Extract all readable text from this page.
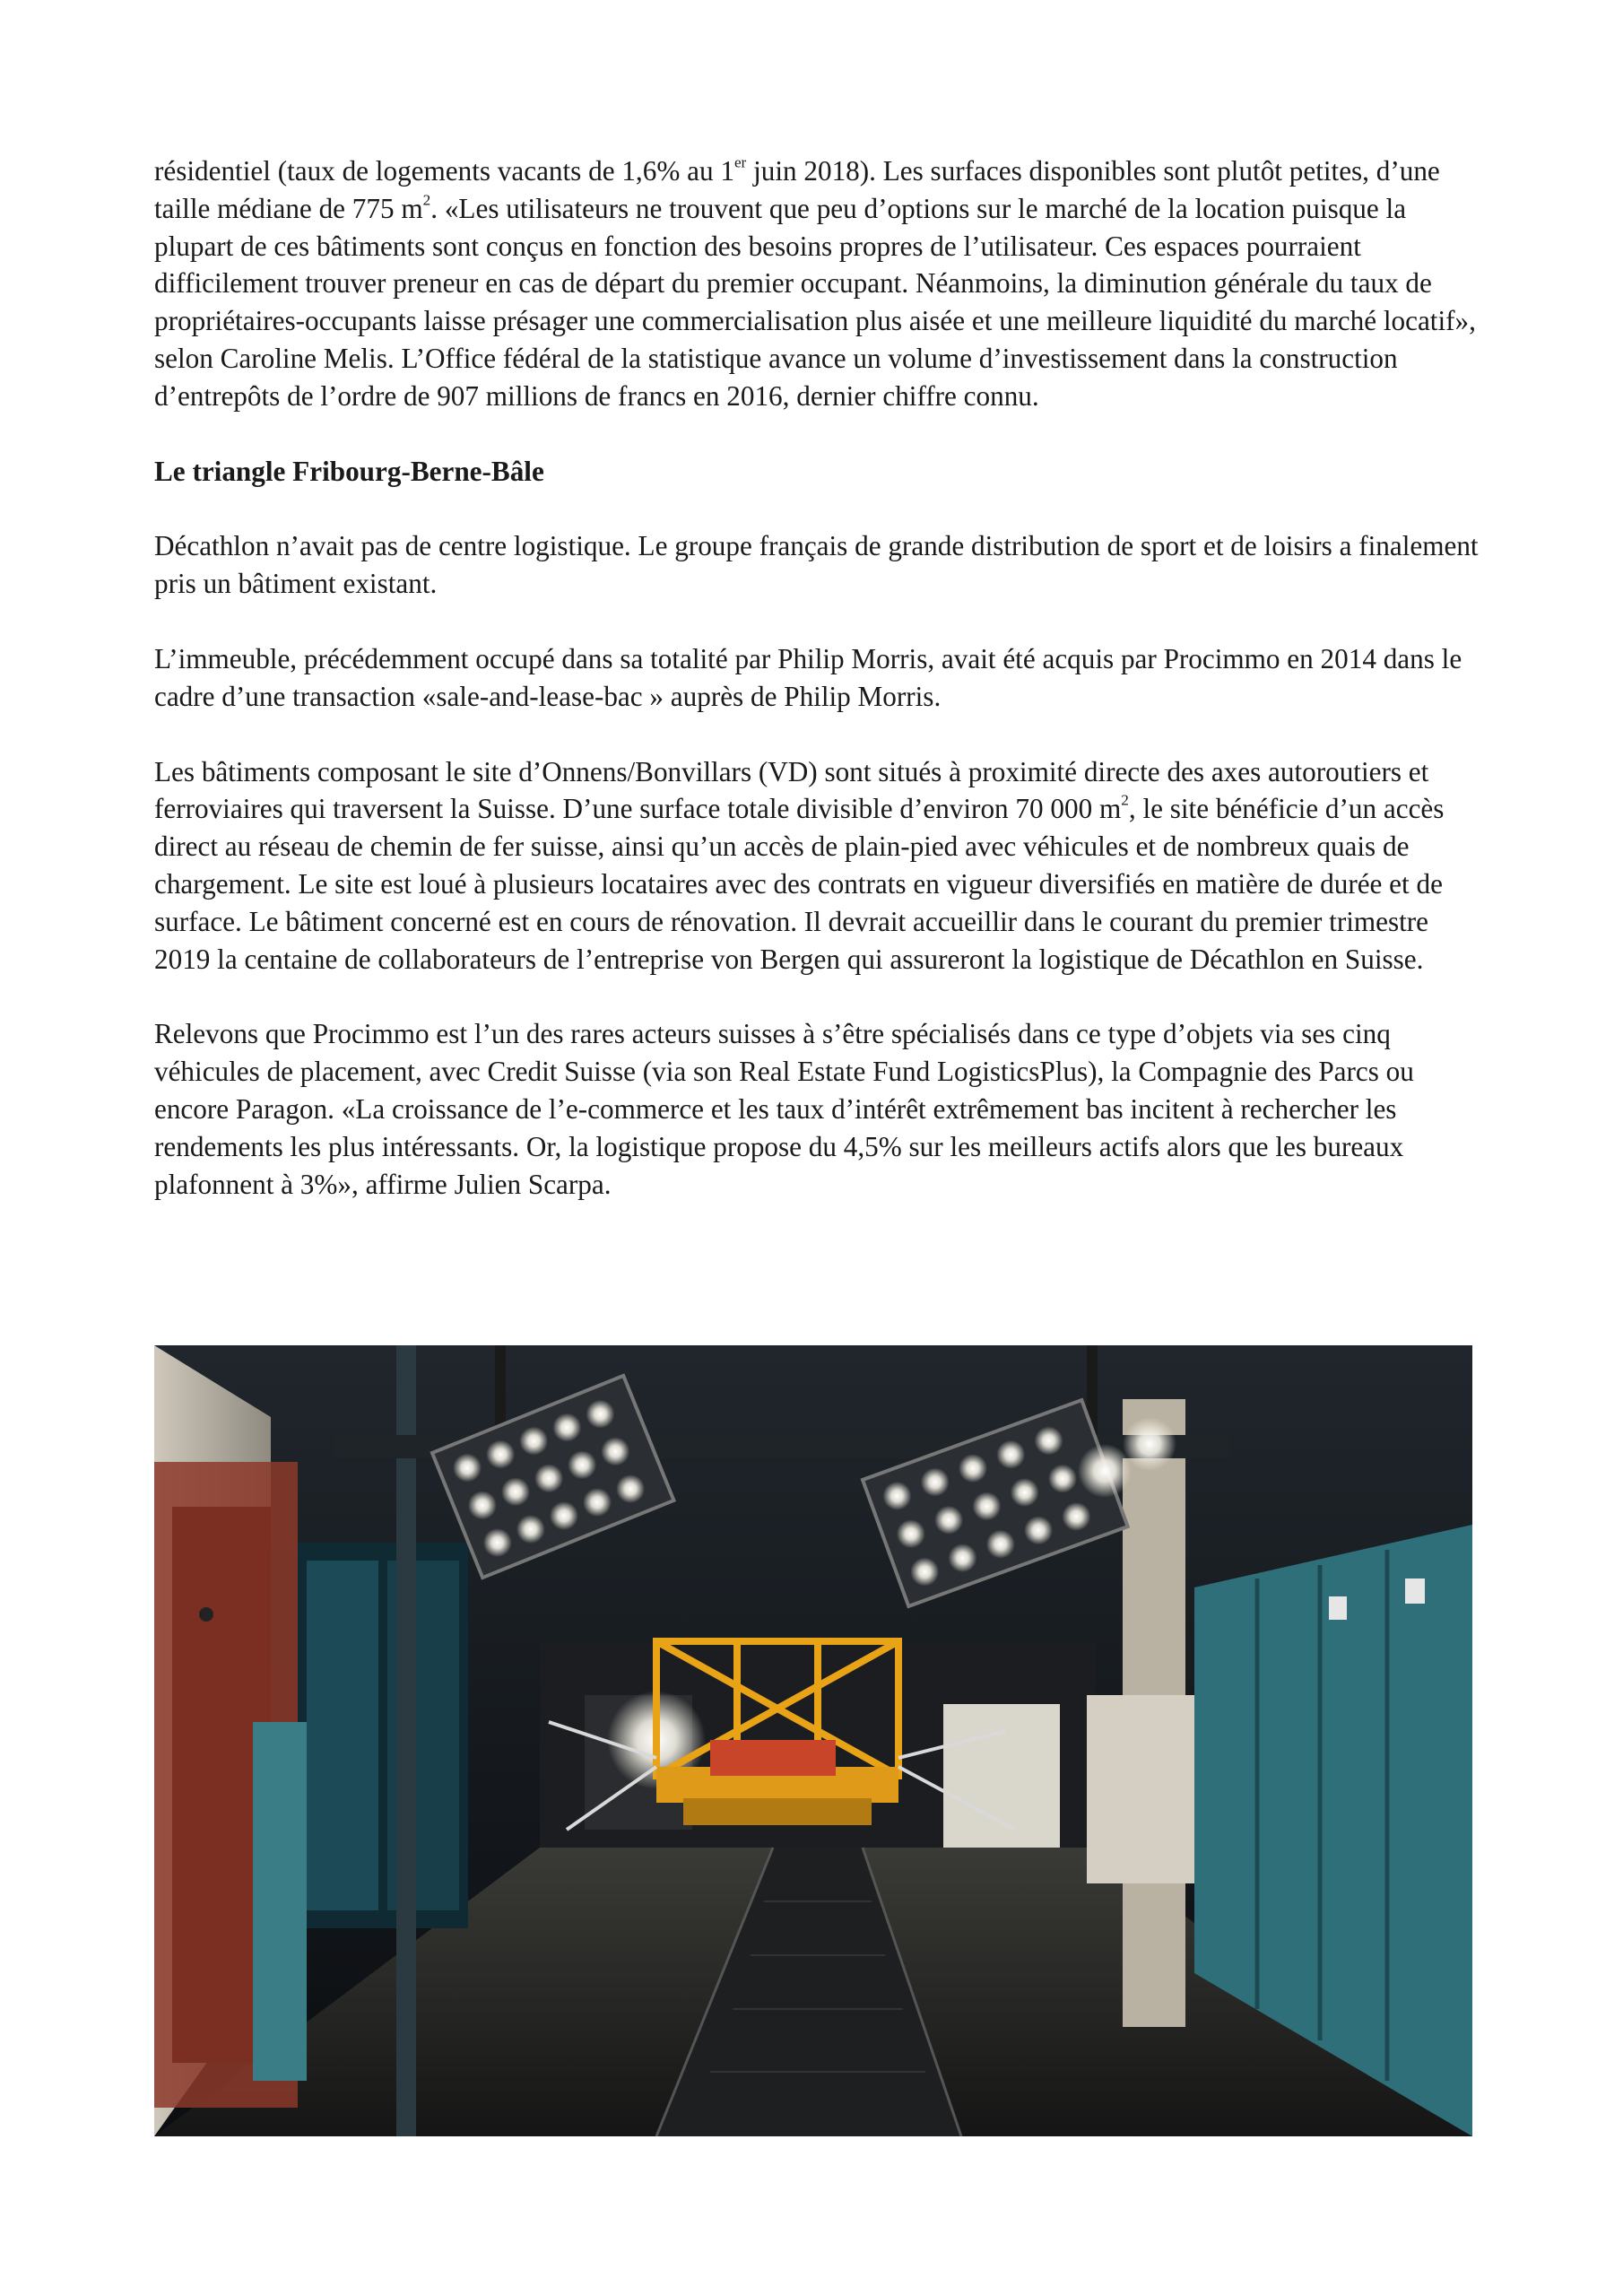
résidentiel (taux de logements vacants de 1,6% au 1er juin 2018). Les surfaces disponibles sont plutôt petites, d’une taille médiane de 775 $m^2$. «Les utilisateurs ne trouvent que peu d’options sur le marché de la location puisque la plupart de ces bâtiments sont conçus en fonction des besoins propres de l’utilisateur. Ces espaces pourraient difficilement trouver preneur en cas de départ du premier occupant. Néanmoins, la diminution générale du taux de propriétaires-occupants laisse présager une commercialisation plus aisée et une meilleure liquidité du marché locatif», selon Caroline Melis. L’Office fédéral de la statistique avance un volume d’investissement dans la construction d’entrepôts de l’ordre de 907 millions de francs en 2016, dernier chiffre connu.

Le triangle Fribourg-Berne-Bâle

Décathlon n’avait pas de centre logistique. Le groupe français de grande distribution de sport et de loisirs a finalement pris un bâtiment existant.

L’immeuble, précédemment occupé dans sa totalité par Philip Morris, avait été acquis par Procimmo en 2014 dans le cadre d’une transaction «sale-and-lease-bac » auprès de Philip Morris.

Les bâtiments composant le site d’Onnens/Bonvillars (VD) sont situés à proximité directe des axes autoroutiers et ferroviaires qui traversent la Suisse. D’une surface totale divisible d’environ 70 000 $m^2$, le site bénéficie d’un accès direct au réseau de chemin de fer suisse, ainsi qu’un accès de plain-pied avec véhicules et de nombreux quais de chargement. Le site est loué à plusieurs locataires avec des contrats en vigueur diversifiés en matière de durée et de surface. Le bâtiment concerné est en cours de rénovation. Il devrait accueillir dans le courant du premier trimestre 2019 la centaine de collaborateurs de l’entreprise von Bergen qui assureront la logistique de Décathlon en Suisse.

Relevons que Procimmo est l’un des rares acteurs suisses à s’être spécialisés dans ce type d’objets via ses cinq véhicules de placement, avec Credit Suisse (via son Real Estate Fund LogisticsPlus), la Compagnie des Parcs ou encore Paragon. «La croissance de l’e-commerce et les taux d’intérêt extrêmement bas incitent à rechercher les rendements les plus intéressants. Or, la logistique propose du 4,5% sur les meilleurs actifs alors que les bureaux plafonnent à 3%», affirme Julien Scarpa.
